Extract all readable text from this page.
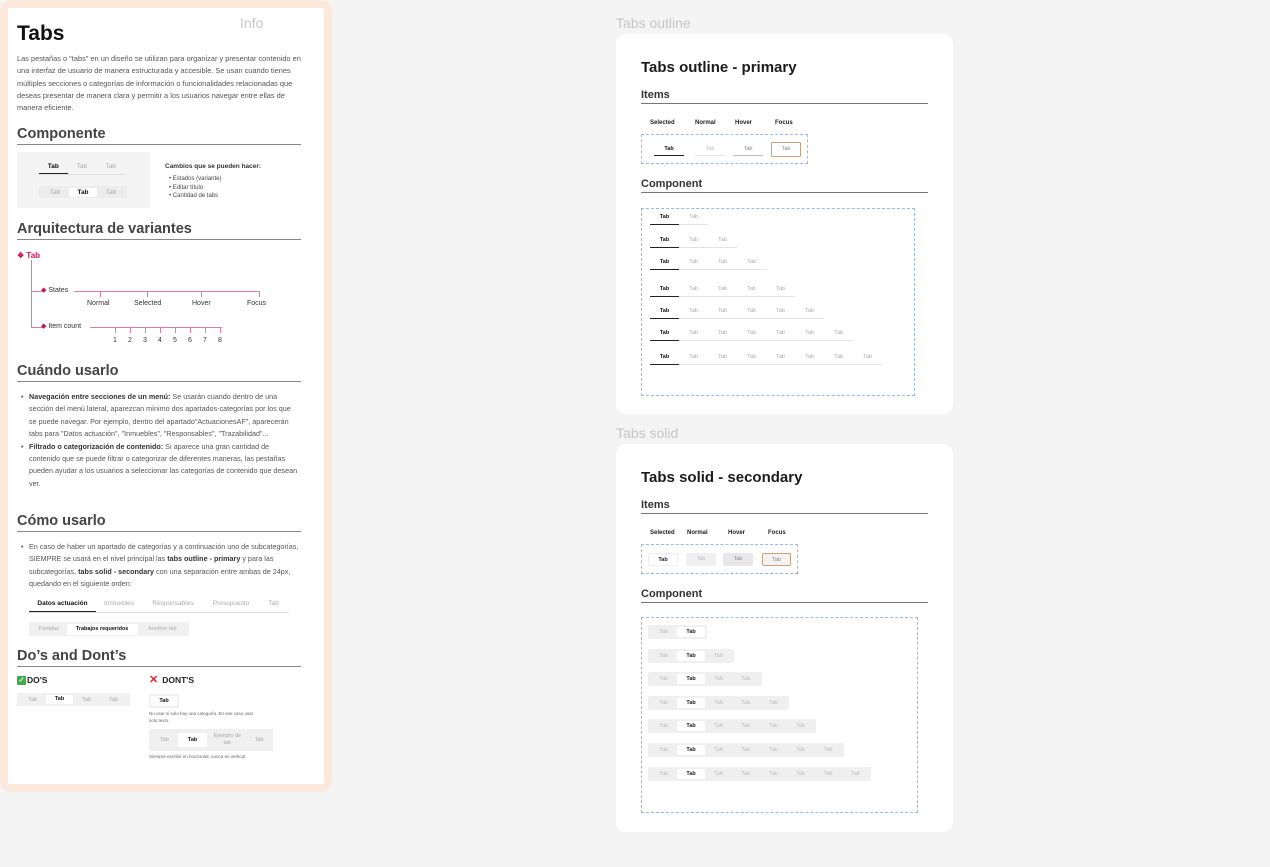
Info	Tabs outline
Tabs solid
Tabs
Las pestañas o "tabs" en un diseño se utilizan para organizar y presentar contenido en una interfaz de usuario de manera estructurada y accesible. Se usan cuando tienes múltiples secciones o categorías de información o funcionalidades relacionadas que deseas presentar de manera clara y permitir a los usuarios navegar entre ellas de manera eficiente.
Componente
Tab	Tab	Tab
Tab	Tab	Tab
Cambios que se pueden hacer:
• Estados (variante)
• Editar título
• Cantidad de tabs
Arquitectura de variantes
❖ Tab
◆ States
Normal	Selected	Hover	Focus
◆ Item count
1 2 3 4 5 6 7 8
Cuándo usarlo
• Navegación entre secciones de un menú: Se usarán cuando dentro de una sección del menú lateral, aparezcan mínimo dos apartados-categorías por los que se puede navegar. Por ejemplo, dentro del apartado"ActuacionesAF", aparecerán tabs para "Datos actuación", "Inmuebles", "Responsables", "Trazabilidad"...
• Filtrado o categorización de contenido: Si aparece una gran cantidad de contenido que se puede filtrar o categorizar de diferentes maneras, las pestañas pueden ayudar a los usuarios a seleccionar las categorías de contenido que desean ver.
Cómo usarlo
• En caso de haber un apartado de categorías y a continuación uno de subcategorías, SIEMPRE se usará en el nivel principal las tabs outline - primary y para las subcategorías, tabs solid - secondary con una separación entre ambas de 24px, quedando en el siguiente orden:
Datos actuación	Inmuebles	Responsables	Presupuesto	Tab
Partidas	Trabajos requeridos	Another tab
Do’s and Dont’s
✓ DO'S
Tab	Tab	Tab	Tab
✕ DONT'S
Tab
No usar si solo hay una categoría. En ese caso usar solo texto.
Tab	Tab
Ejemplo de tab	Tab
Siempre escribir en horizontal, nunca en vertical.
Tabs outline - primary
Items
Selected	Normal	Hover	Focus
Tab	Tab	Tab	Tab
Component
Tab	Tab
Tab	Tab	Tab
Tab	Tab	Tab	Tab
Tab	Tab	Tab	Tab	Tab
Tab	Tab	Tab	Tab	Tab	Tab
Tab	Tab	Tab	Tab	Tab	Tab	Tab
Tab	Tab	Tab	Tab	Tab	Tab	Tab	Tab
Tabs solid - secondary
Items
Selected Normal	Hover	Focus
Tab	Tab	Tab	Tab
Component
Tab	Tab
Tab	Tab	Tab
Tab	Tab	Tab	Tab
Tab	Tab	Tab	Tab	Tab
Tab	Tab	Tab	Tab	Tab	Tab
Tab	Tab	Tab	Tab	Tab	Tab	Tab
Tab	Tab	Tab	Tab	Tab	Tab	Tab	Tab
